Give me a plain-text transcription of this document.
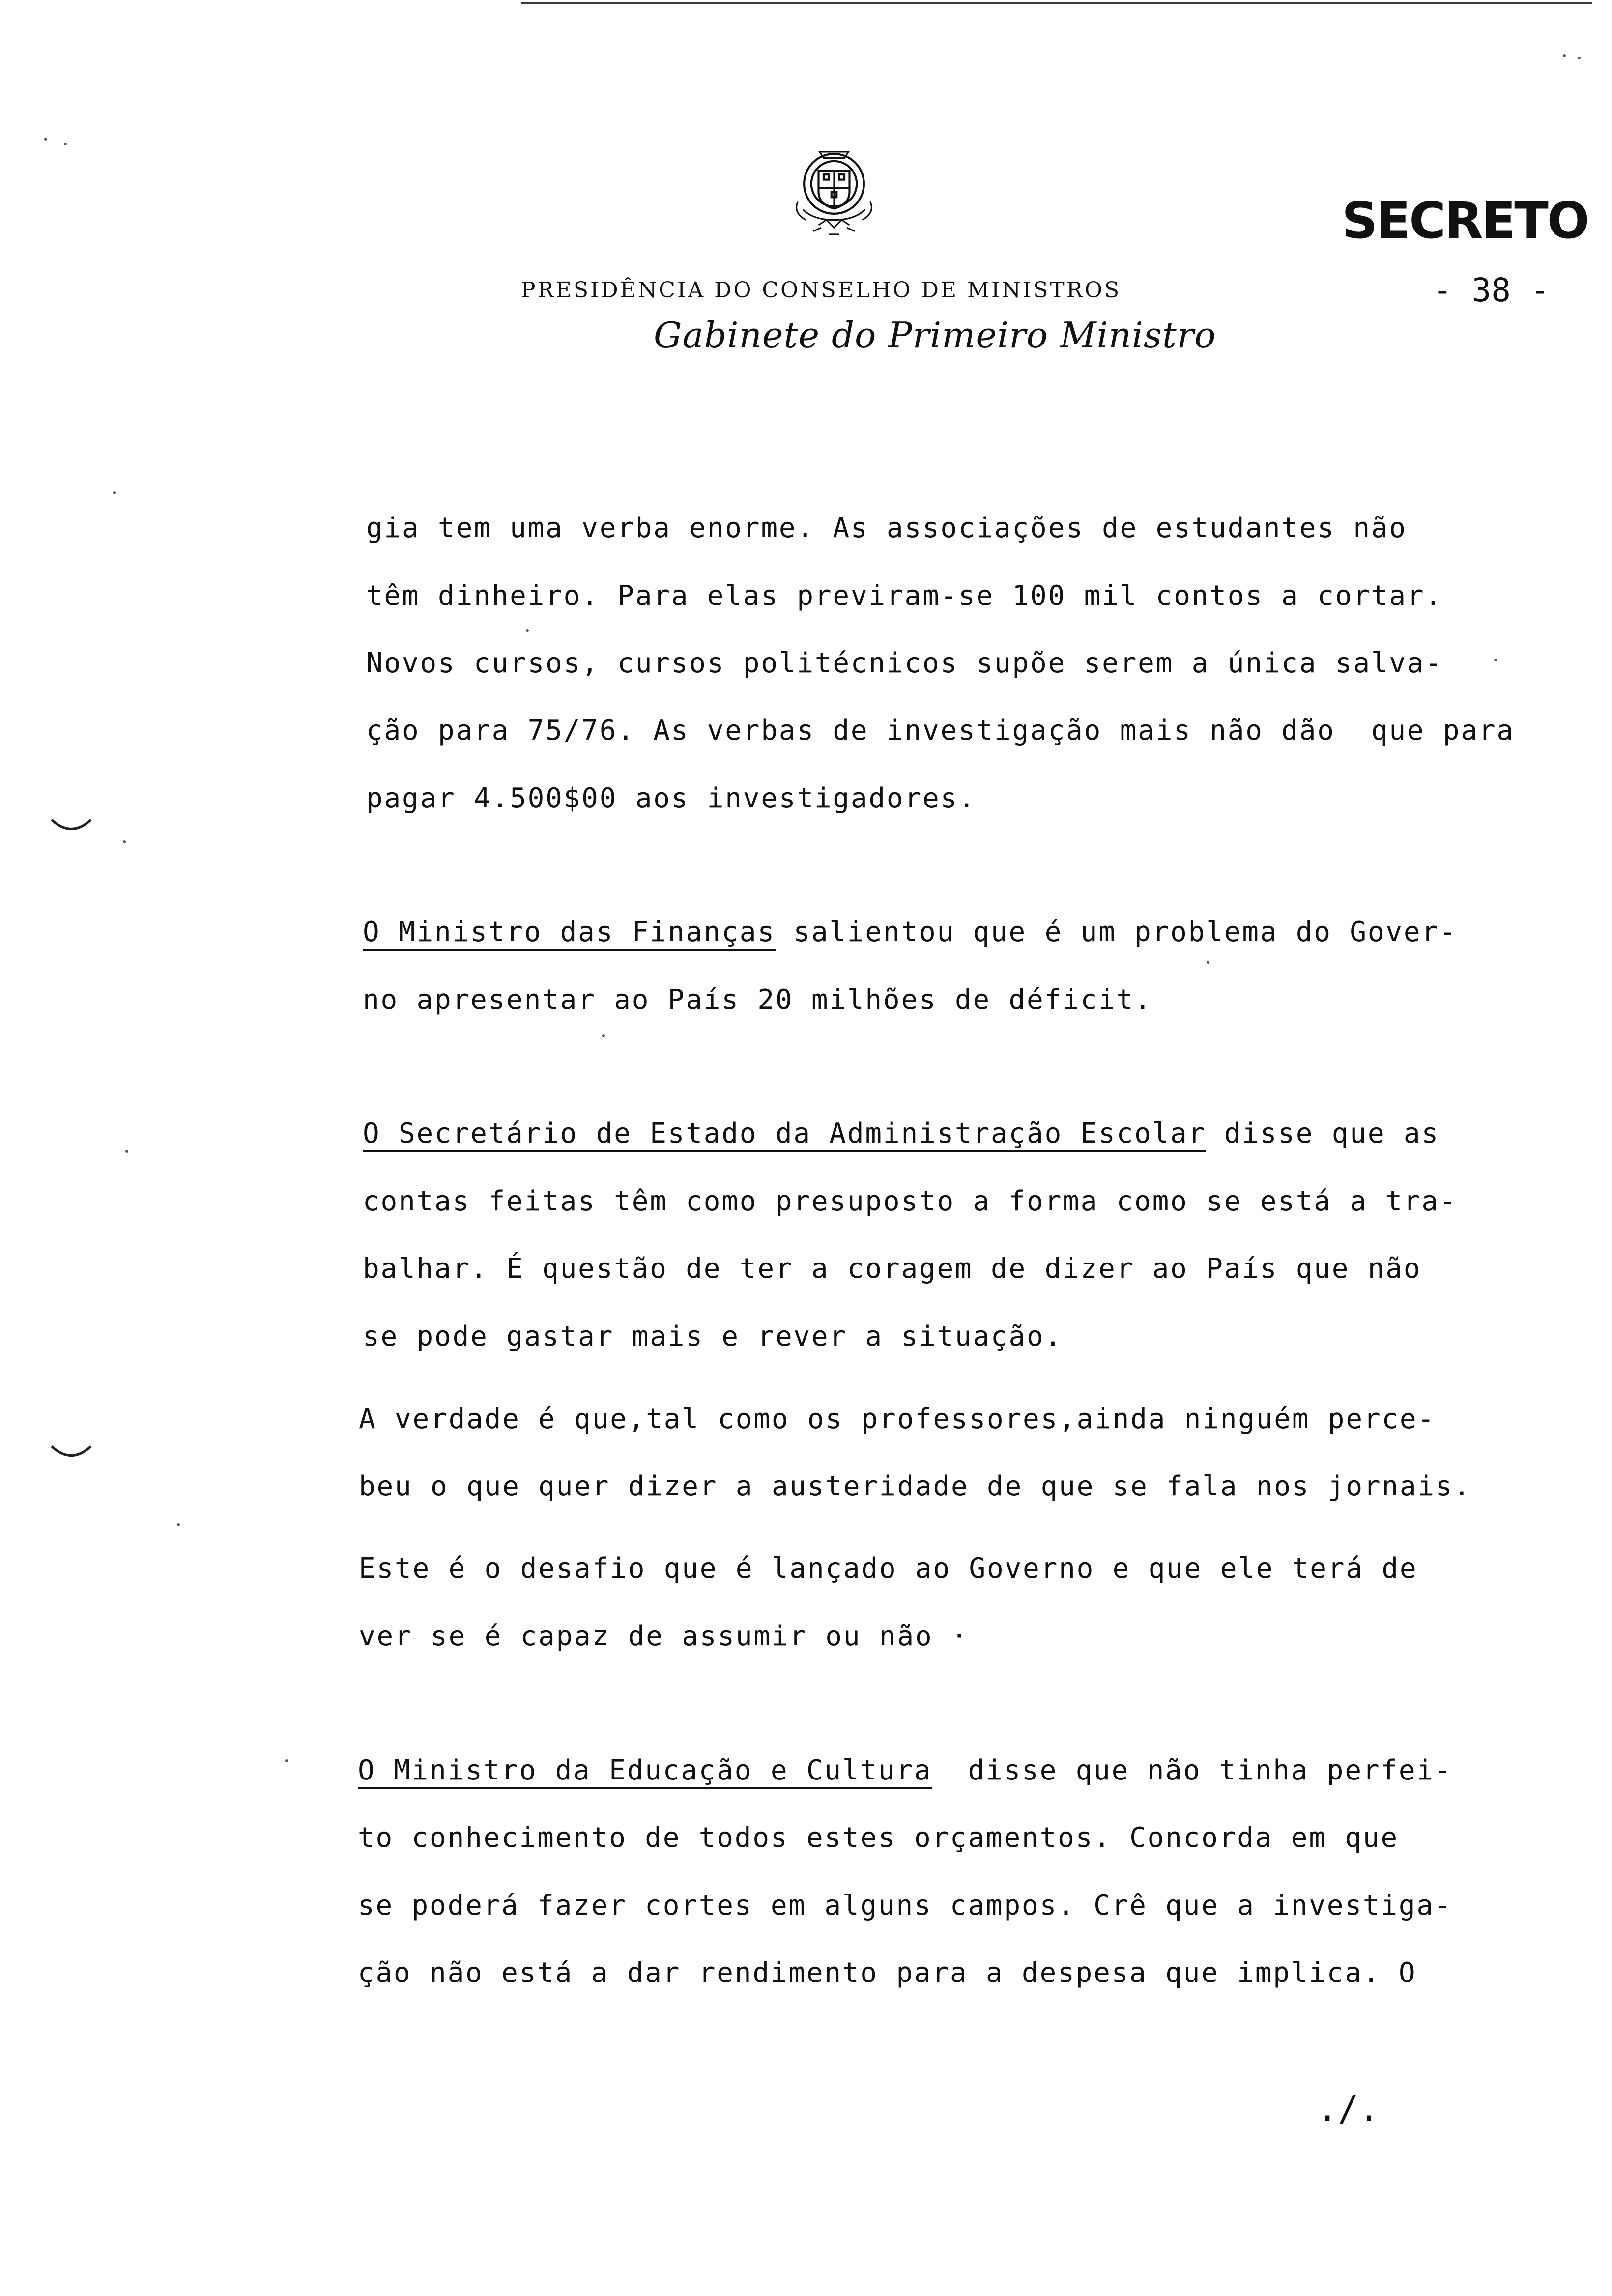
SECRETO
- 38 -
PRESIDÊNCIA DO CONSELHO DE MINISTROS
Gabinete do Primeiro Ministro
gia tem uma verba enorme. As associações de estudantes não
têm dinheiro. Para elas previram-se 100 mil contos a cortar.
Novos cursos, cursos politécnicos supõe serem a única salva-
ção para 75/76. As verbas de investigação mais não dão  que para
pagar 4.500$00 aos investigadores.
O Ministro das Finanças salientou que é um problema do Gover-
no apresentar ao País 20 milhões de déficit.
O Secretário de Estado da Administração Escolar disse que as
contas feitas têm como presuposto a forma como se está a tra-
balhar. É questão de ter a coragem de dizer ao País que não
se pode gastar mais e rever a situação.
A verdade é que,tal como os professores,ainda ninguém perce-
beu o que quer dizer a austeridade de que se fala nos jornais.
Este é o desafio que é lançado ao Governo e que ele terá de
ver se é capaz de assumir ou não ·
O Ministro da Educação e Cultura  disse que não tinha perfei-
to conhecimento de todos estes orçamentos. Concorda em que
se poderá fazer cortes em alguns campos. Crê que a investiga-
ção não está a dar rendimento para a despesa que implica. O
./.
